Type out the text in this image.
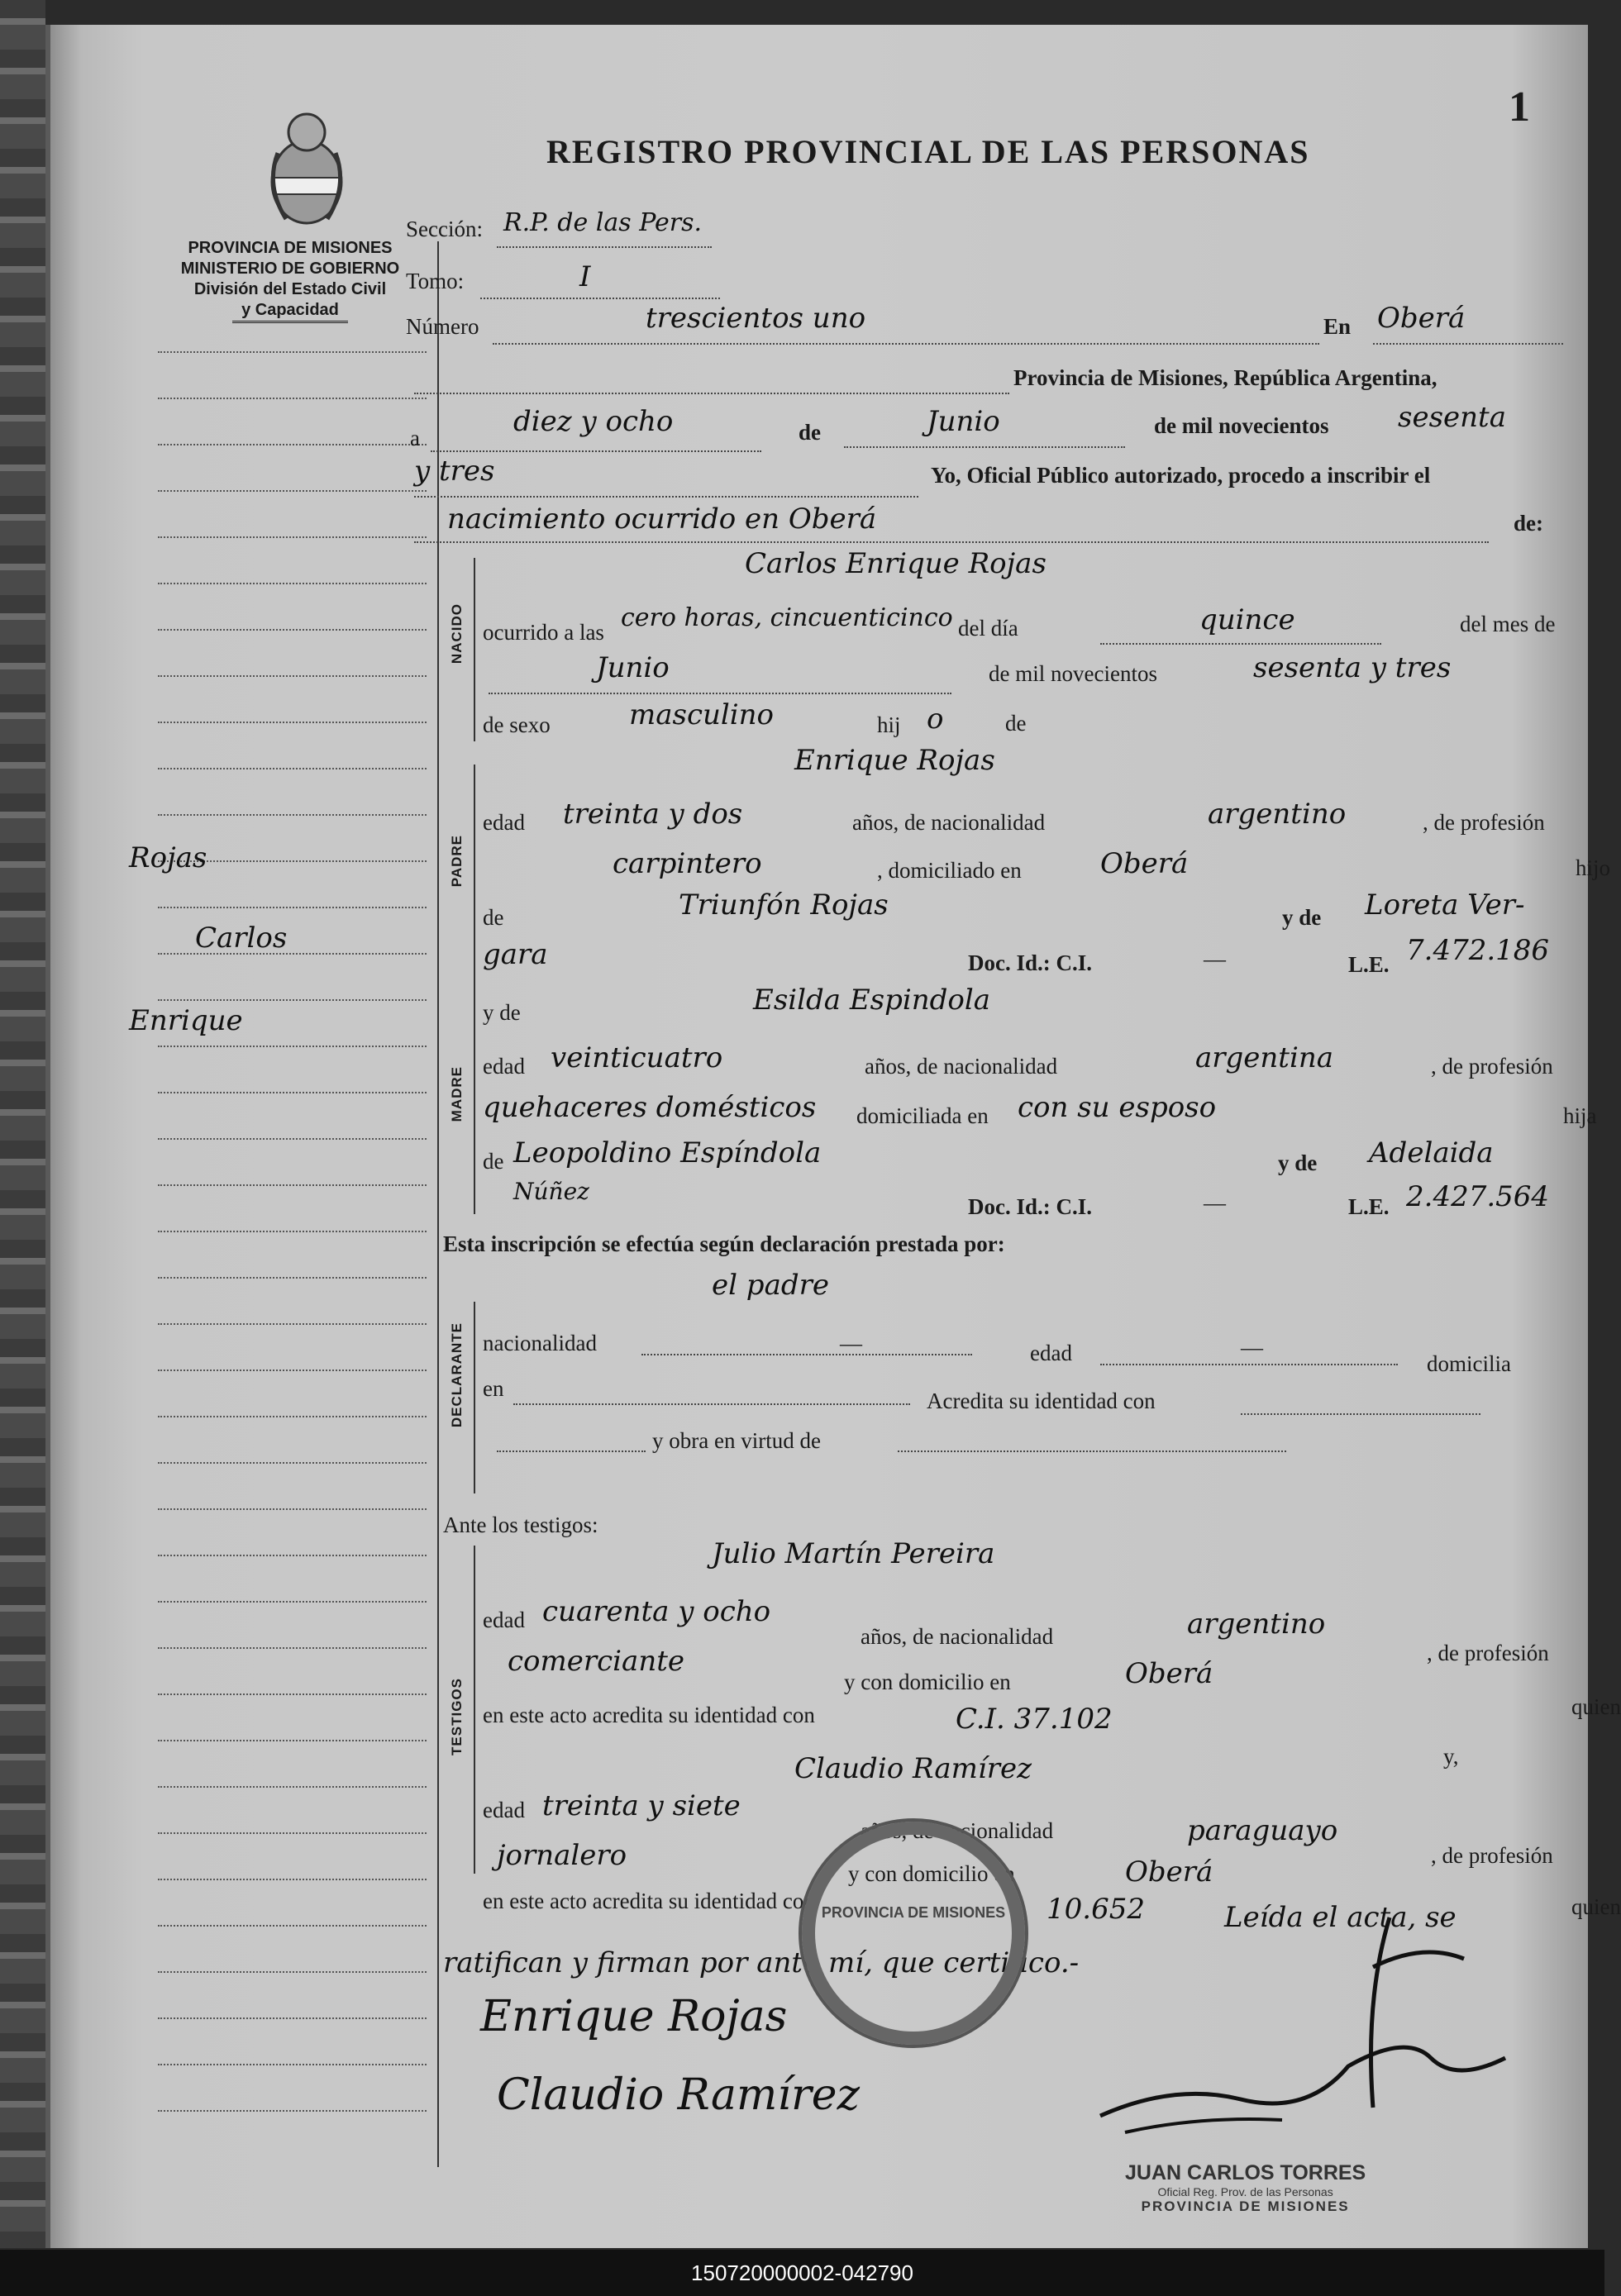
REGISTRO PROVINCIAL DE LAS PERSONAS
1
PROVINCIA DE MISIONES
MINISTERIO DE GOBIERNO
División del Estado Civil
y Capacidad
Rojas
Carlos
Enrique
Sección: R.P. de las Pers.
Tomo:	I
Número	trescientos uno	En Oberá
Provincia de Misiones, República Argentina,
a	diez y ocho	de	Junio	de mil novecientos sesenta
y tres	Yo, Oficial Público autorizado, procedo a inscribir el
nacimiento ocurrido en Oberá	de:
NACIDO
Carlos Enrique Rojas
ocurrido a las cero horas, cincuenticinco del día	quince	del mes de
Junio	de mil novecientos	sesenta y tres
de sexo	masculino	hij o	de
Enrique Rojas
PADRE
edad treinta y dos	años, de nacionalidad	argentino	, de profesión
carpintero	, domiciliado en	Oberá	hijo
de	Triunfón Rojas	y de Loreta Ver-
gara	Doc. Id.: C.I.	—	L.E. 7.472.186
MADRE
y de	Esilda Espindola
edad veinticuatro	años, de nacionalidad	argentina	, de profesión
quehaceres domésticos domiciliada en con su esposo	hija
de Leopoldino Espíndola	y de Adelaida
Núñez
Doc. Id.: C.I.	—	L.E. 2.427.564
Esta inscripción se efectúa según declaración prestada por:
el padre
DECLARANTE nacionalidad	—	edad	—
domicilia
en	Acredita su identidad con
y obra en virtud de
Ante los testigos:
TESTIGOS
Julio Martín Pereira
edad cuarenta y ocho
años, de nacionalidad	argentino
, de profesión
comerciante
y con domicilio en	Oberá
quien
en este acto acredita su identidad con	C.I. 37.102
Claudio Ramírez	y,
edad treinta y siete
años, de nacionalidad	paraguayo
, de profesión
jornalero
y con domicilio en	Oberá
quien
en este acto acredita su identidad con	10.652	Leída el acta, se
ratifican y firman por ante mí, que certifico.-
PROVINCIA DE MISIONES
Enrique Rojas
Claudio Ramírez
JUAN CARLOS TORRES
Oficial Reg. Prov. de las Personas
PROVINCIA DE MISIONES
150720000002-042790
